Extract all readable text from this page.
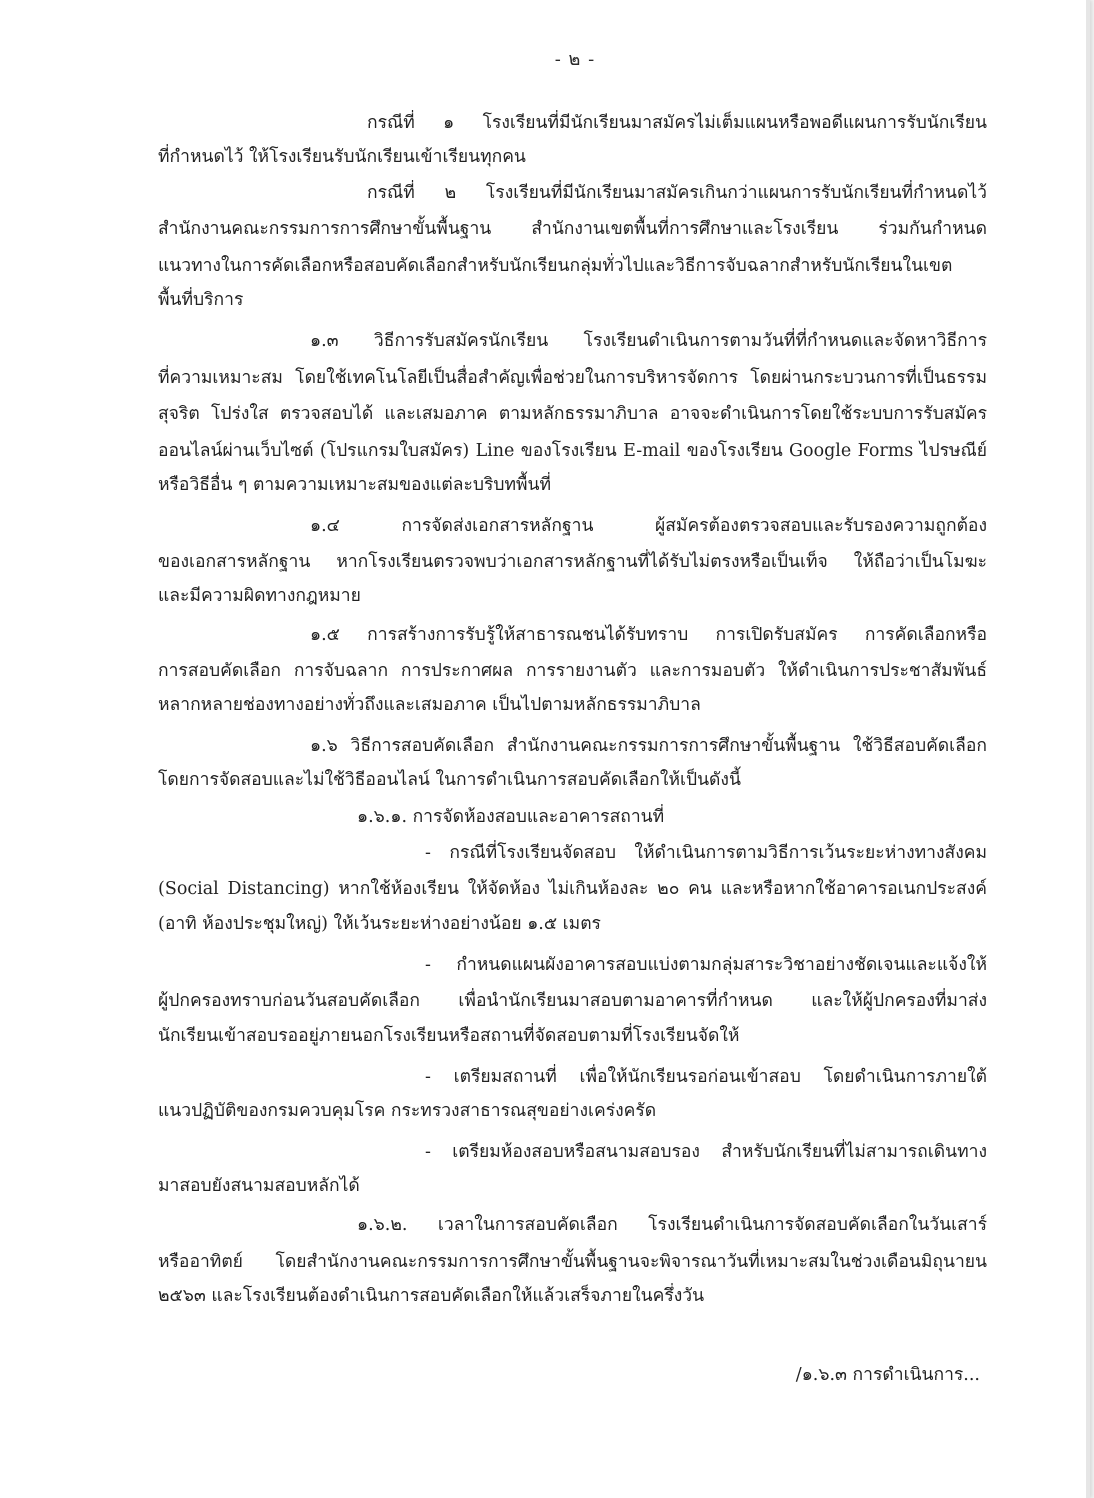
- ๒ -

กรณีที่ ๑ โรงเรียนที่มีนักเรียนมาสมัครไม่เต็มแผนหรือพอดีแผนการรับนักเรียน

ที่กำหนดไว้ ให้โรงเรียนรับนักเรียนเข้าเรียนทุกคน

กรณีที่ ๒ โรงเรียนที่มีนักเรียนมาสมัครเกินกว่าแผนการรับนักเรียนที่กำหนดไว้

สำนักงานคณะกรรมการการศึกษาขั้นพื้นฐาน สำนักงานเขตพื้นที่การศึกษาและโรงเรียน ร่วมกันกำหนด

แนวทางในการคัดเลือกหรือสอบคัดเลือกสำหรับนักเรียนกลุ่มทั่วไปและวิธีการจับฉลากสำหรับนักเรียนในเขต

พื้นที่บริการ

๑.๓ วิธีการรับสมัครนักเรียน โรงเรียนดำเนินการตามวันที่ที่กำหนดและจัดหาวิธีการ

ที่ความเหมาะสม โดยใช้เทคโนโลยีเป็นสื่อสำคัญเพื่อช่วยในการบริหารจัดการ โดยผ่านกระบวนการที่เป็นธรรม

สุจริต โปร่งใส ตรวจสอบได้ และเสมอภาค ตามหลักธรรมาภิบาล อาจจะดำเนินการโดยใช้ระบบการรับสมัคร

ออนไลน์ผ่านเว็บไซต์ (โปรแกรมใบสมัคร) Line ของโรงเรียน E-mail ของโรงเรียน Google Forms ไปรษณีย์

หรือวิธีอื่น ๆ ตามความเหมาะสมของแต่ละบริบทพื้นที่

๑.๔ การจัดส่งเอกสารหลักฐาน ผู้สมัครต้องตรวจสอบและรับรองความถูกต้อง

ของเอกสารหลักฐาน หากโรงเรียนตรวจพบว่าเอกสารหลักฐานที่ได้รับไม่ตรงหรือเป็นเท็จ ให้ถือว่าเป็นโมฆะ

และมีความผิดทางกฎหมาย

๑.๕ การสร้างการรับรู้ให้สาธารณชนได้รับทราบ การเปิดรับสมัคร การคัดเลือกหรือ

การสอบคัดเลือก การจับฉลาก การประกาศผล การรายงานตัว และการมอบตัว ให้ดำเนินการประชาสัมพันธ์

หลากหลายช่องทางอย่างทั่วถึงและเสมอภาค เป็นไปตามหลักธรรมาภิบาล

๑.๖ วิธีการสอบคัดเลือก สำนักงานคณะกรรมการการศึกษาขั้นพื้นฐาน ใช้วิธีสอบคัดเลือก

โดยการจัดสอบและไม่ใช้วิธีออนไลน์ ในการดำเนินการสอบคัดเลือกให้เป็นดังนี้

๑.๖.๑. การจัดห้องสอบและอาคารสถานที่

- กรณีที่โรงเรียนจัดสอบ ให้ดำเนินการตามวิธีการเว้นระยะห่างทางสังคม

(Social Distancing) หากใช้ห้องเรียน ให้จัดห้อง ไม่เกินห้องละ ๒๐ คน และหรือหากใช้อาคารอเนกประสงค์

(อาทิ ห้องประชุมใหญ่) ให้เว้นระยะห่างอย่างน้อย ๑.๕ เมตร

- กำหนดแผนผังอาคารสอบแบ่งตามกลุ่มสาระวิชาอย่างชัดเจนและแจ้งให้

ผู้ปกครองทราบก่อนวันสอบคัดเลือก เพื่อนำนักเรียนมาสอบตามอาคารที่กำหนด และให้ผู้ปกครองที่มาส่ง

นักเรียนเข้าสอบรออยู่ภายนอกโรงเรียนหรือสถานที่จัดสอบตามที่โรงเรียนจัดให้

- เตรียมสถานที่ เพื่อให้นักเรียนรอก่อนเข้าสอบ โดยดำเนินการภายใต้

แนวปฏิบัติของกรมควบคุมโรค กระทรวงสาธารณสุขอย่างเคร่งครัด

- เตรียมห้องสอบหรือสนามสอบรอง สำหรับนักเรียนที่ไม่สามารถเดินทาง

มาสอบยังสนามสอบหลักได้

๑.๖.๒. เวลาในการสอบคัดเลือก โรงเรียนดำเนินการจัดสอบคัดเลือกในวันเสาร์

หรืออาทิตย์ โดยสำนักงานคณะกรรมการการศึกษาขั้นพื้นฐานจะพิจารณาวันที่เหมาะสมในช่วงเดือนมิถุนายน

๒๕๖๓ และโรงเรียนต้องดำเนินการสอบคัดเลือกให้แล้วเสร็จภายในครึ่งวัน

/๑.๖.๓ การดำเนินการ...
